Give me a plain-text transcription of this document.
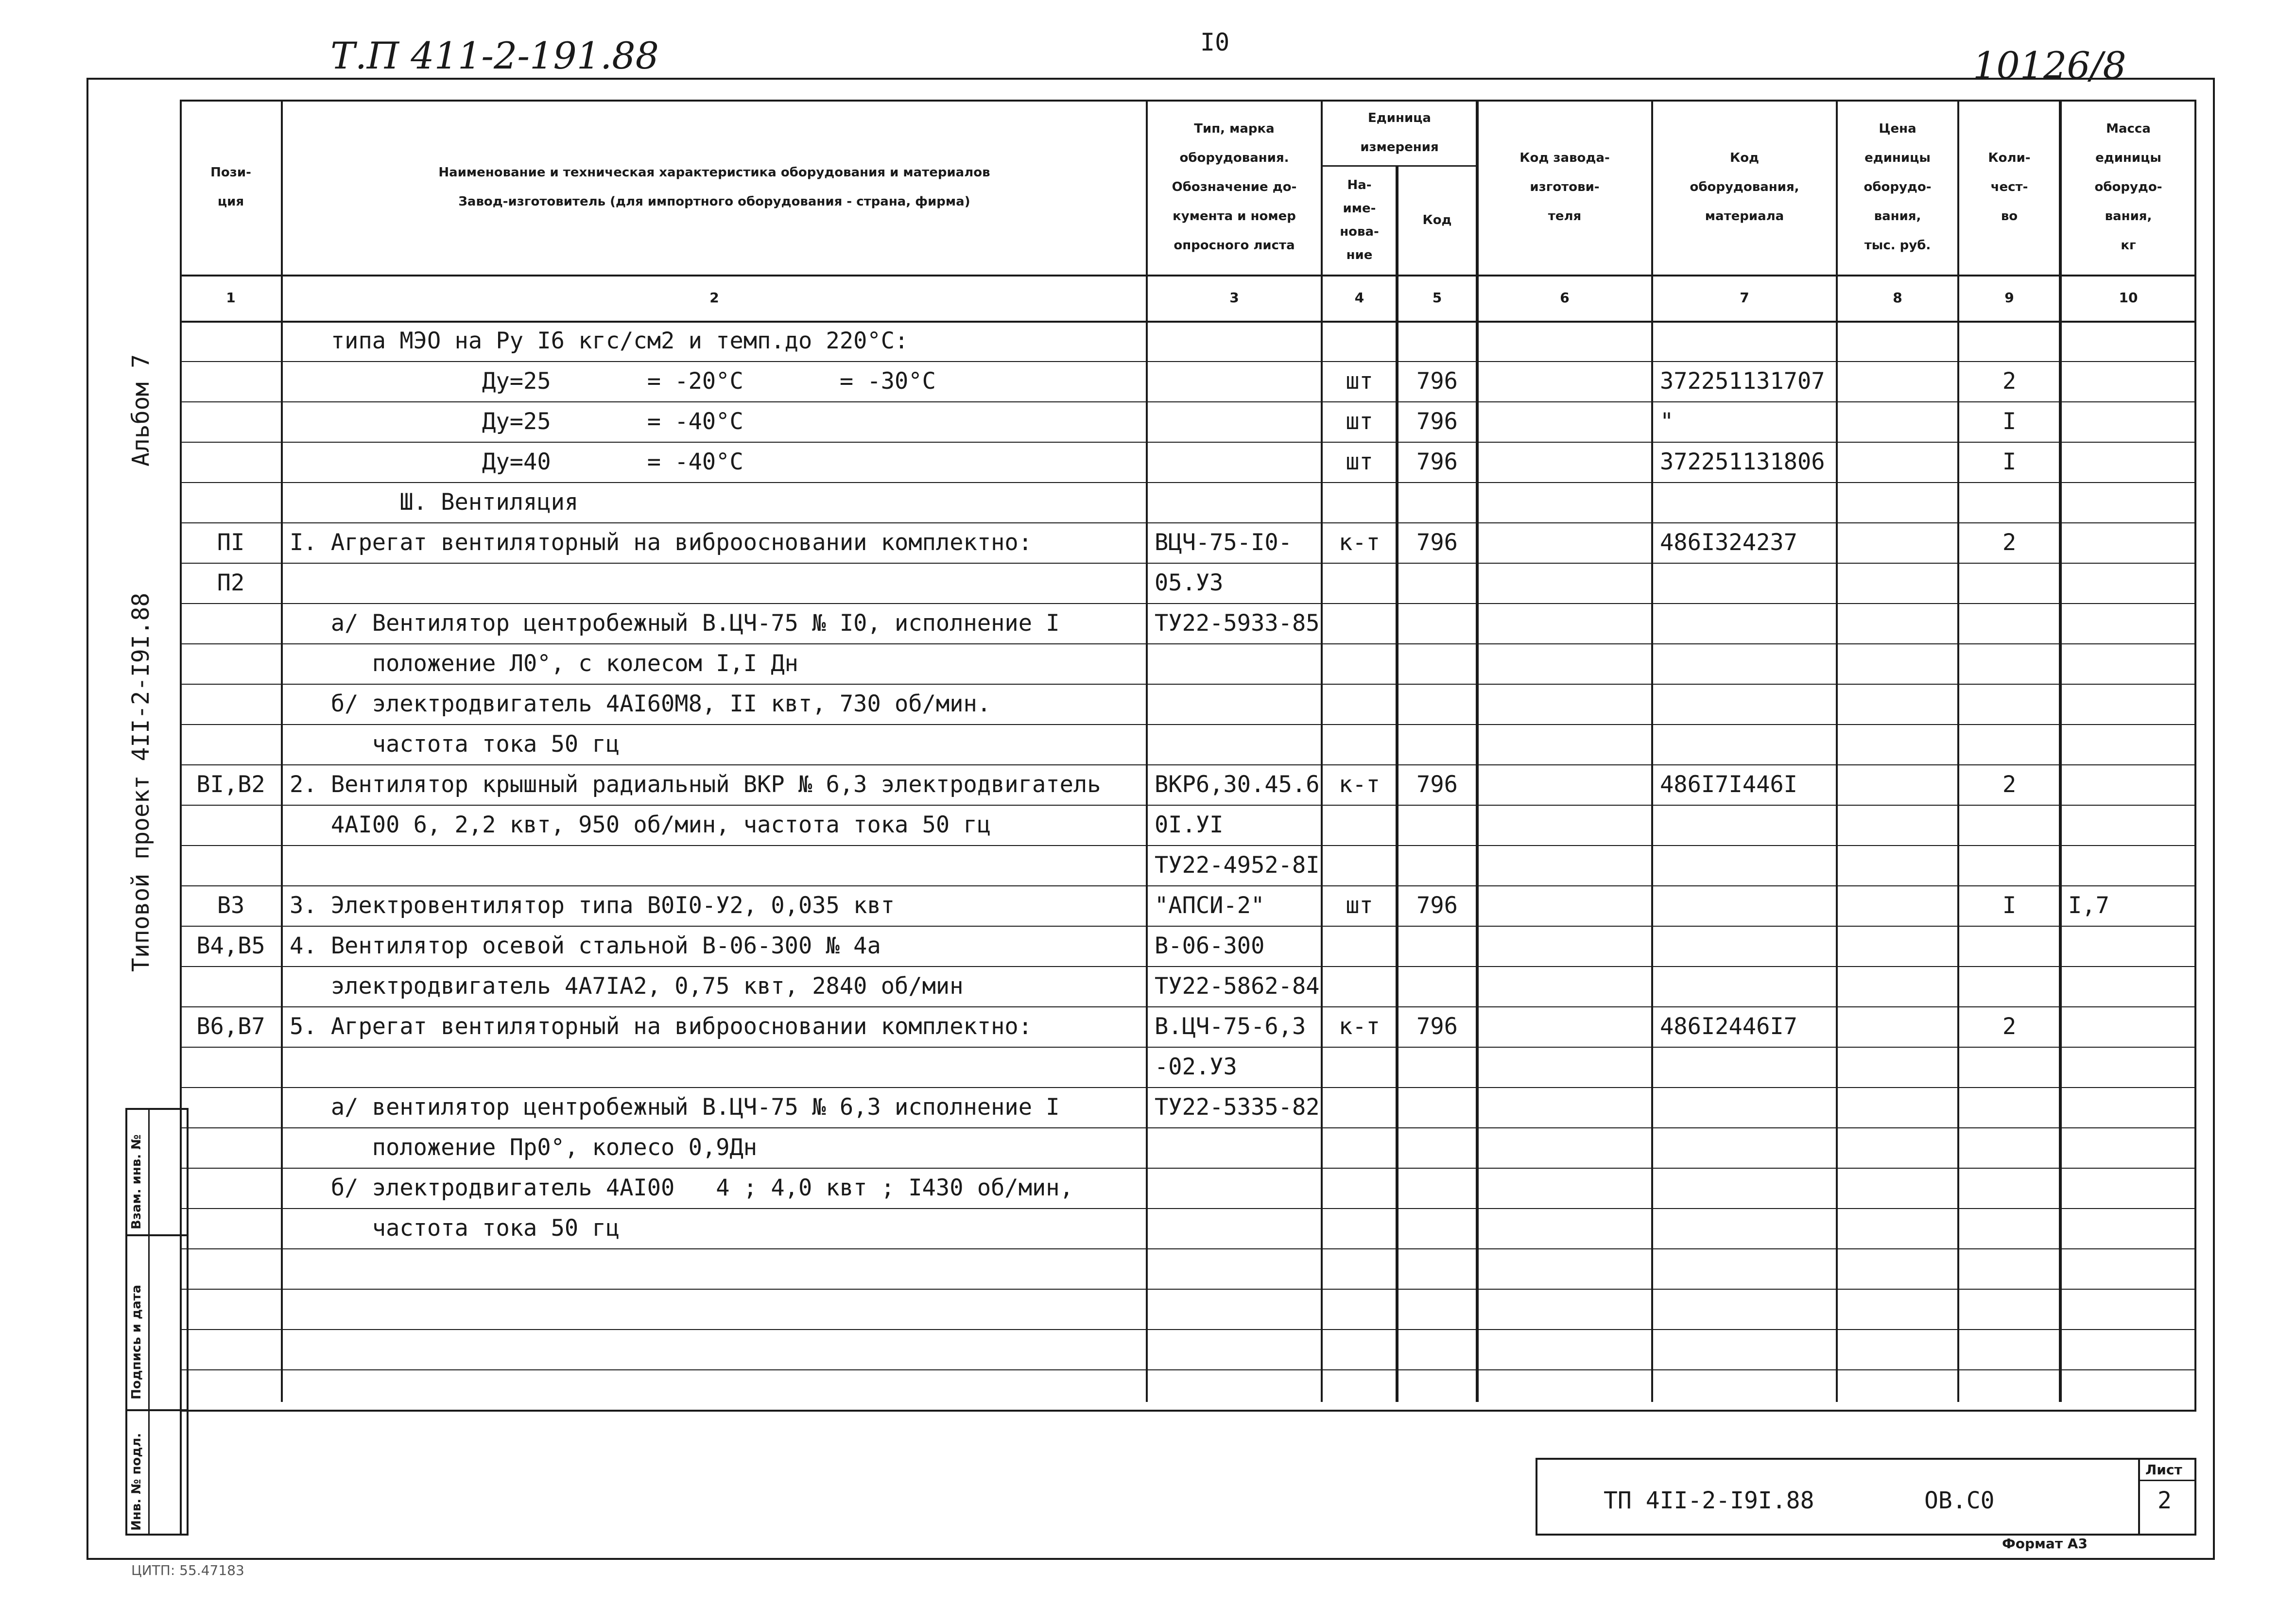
Т.П 411-2-191.88	I0
10126/8
Альбом 7
Типовой проект 4II-2-I9I.88
Взам. инв. №
Подпись и дата
Инв. № подл.	ТП 4II-2-I9I.88	ОВ.С0
Лист
2
Формат А3
ЦИТП: 55.47183
Пози-
ция
Наименование и техническая характеристика оборудования и материалов
Завод-изготовитель (для импортного оборудования - страна, фирма)
Тип, марка
оборудования.
Обозначение до-
кумента и номер
опросного листа
Единица
измерения
На-
име-
нова-
ние
Код
Код завода-
изготови-
теля
Код
оборудования,
материала
Цена
единицы
оборудо-
вания,
тыс. руб.
Коли-
чест-
во
Масса
единицы
оборудо-
вания,
кг
1	2	3	4	5	6	7	8	9	10
типа МЭО на Ру I6 кгс/см2 и темп.до 220°С:
Ду=25       = -20°С       = -30°С	шт	796	372251131707	2
Ду=25       = -40°С	шт	796	"	I
Ду=40       = -40°С	шт	796	372251131806	I
Ш. Вентиляция
ПI	I. Агрегат вентиляторный на виброосновании комплектно:	ВЦЧ-75-I0-	к-т	796	486I324237	2
П2	05.У3
а/ Вентилятор центробежный В.ЦЧ-75 № I0, исполнение I	ТУ22-5933-85
положение Л0°, с колесом I,I Дн
б/ электродвигатель 4АI60М8, II квт, 730 об/мин.
частота тока 50 гц
ВI,В2	2. Вентилятор крышный радиальный ВКР № 6,3 электродвигатель	ВКР6,30.45.6 к-т	796	486I7I446I	2
4АI00 6, 2,2 квт, 950 об/мин, частота тока 50 гц	0I.УI
ТУ22-4952-8I
В3	3. Электровентилятор типа В0I0-У2, 0,035 квт	"АПСИ-2"	шт	796	I	I,7
В4,В5	4. Вентилятор осевой стальной В-06-300 № 4а	В-06-300
электродвигатель 4А7IА2, 0,75 квт, 2840 об/мин	ТУ22-5862-84
В6,В7	5. Агрегат вентиляторный на виброосновании комплектно:	В.ЦЧ-75-6,3	к-т	796	486I2446I7	2
-02.У3
а/ вентилятор центробежный В.ЦЧ-75 № 6,3 исполнение I	ТУ22-5335-82
положение Пр0°, колесо 0,9Дн
б/ электродвигатель 4АI00   4 ; 4,0 квт ; I430 об/мин,
частота тока 50 гц
